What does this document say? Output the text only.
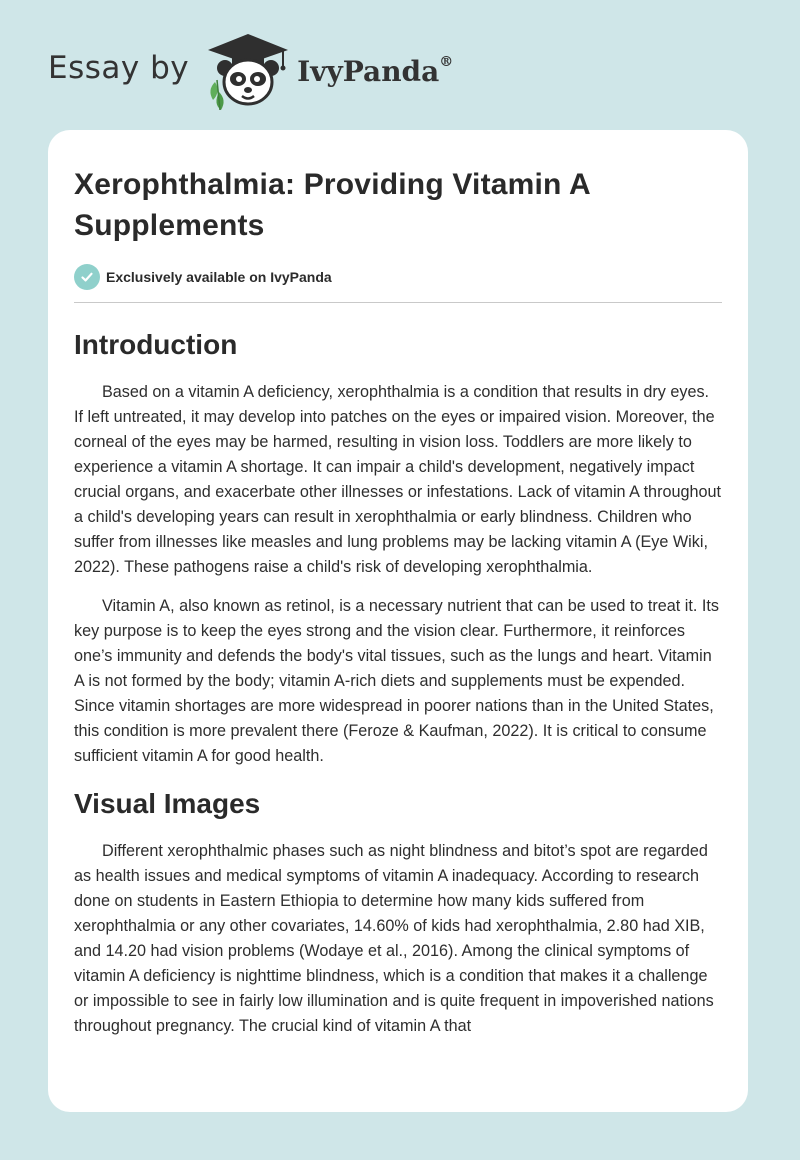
Essay by	IvyPanda®
Xerophthalmia: Providing Vitamin A Supplements
Exclusively available on IvyPanda
Introduction

Based on a vitamin A deficiency, xerophthalmia is a condition that results in dry eyes. If left untreated, it may develop into patches on the eyes or impaired vision. Moreover, the corneal of the eyes may be harmed, resulting in vision loss. Toddlers are more likely to experience a vitamin A shortage. It can impair a child's development, negatively impact crucial organs, and exacerbate other illnesses or infestations. Lack of vitamin A throughout a child's developing years can result in xerophthalmia or early blindness. Children who suffer from illnesses like measles and lung problems may be lacking vitamin A (Eye Wiki, 2022). These pathogens raise a child's risk of developing xerophthalmia.

Vitamin A, also known as retinol, is a necessary nutrient that can be used to treat it. Its key purpose is to keep the eyes strong and the vision clear. Furthermore, it reinforces one’s immunity and defends the body's vital tissues, such as the lungs and heart. Vitamin A is not formed by the body; vitamin A-rich diets and supplements must be expended. Since vitamin shortages are more widespread in poorer nations than in the United States, this condition is more prevalent there (Feroze & Kaufman, 2022). It is critical to consume sufficient vitamin A for good health.

Visual Images

Different xerophthalmic phases such as night blindness and bitot’s spot are regarded as health issues and medical symptoms of vitamin A inadequacy. According to research done on students in Eastern Ethiopia to determine how many kids suffered from xerophthalmia or any other covariates, 14.60% of kids had xerophthalmia, 2.80 had XIB, and 14.20 had vision problems (Wodaye et al., 2016). Among the clinical symptoms of vitamin A deficiency is nighttime blindness, which is a condition that makes it a challenge or impossible to see in fairly low illumination and is quite frequent in impoverished nations throughout pregnancy. The crucial kind of vitamin A that
